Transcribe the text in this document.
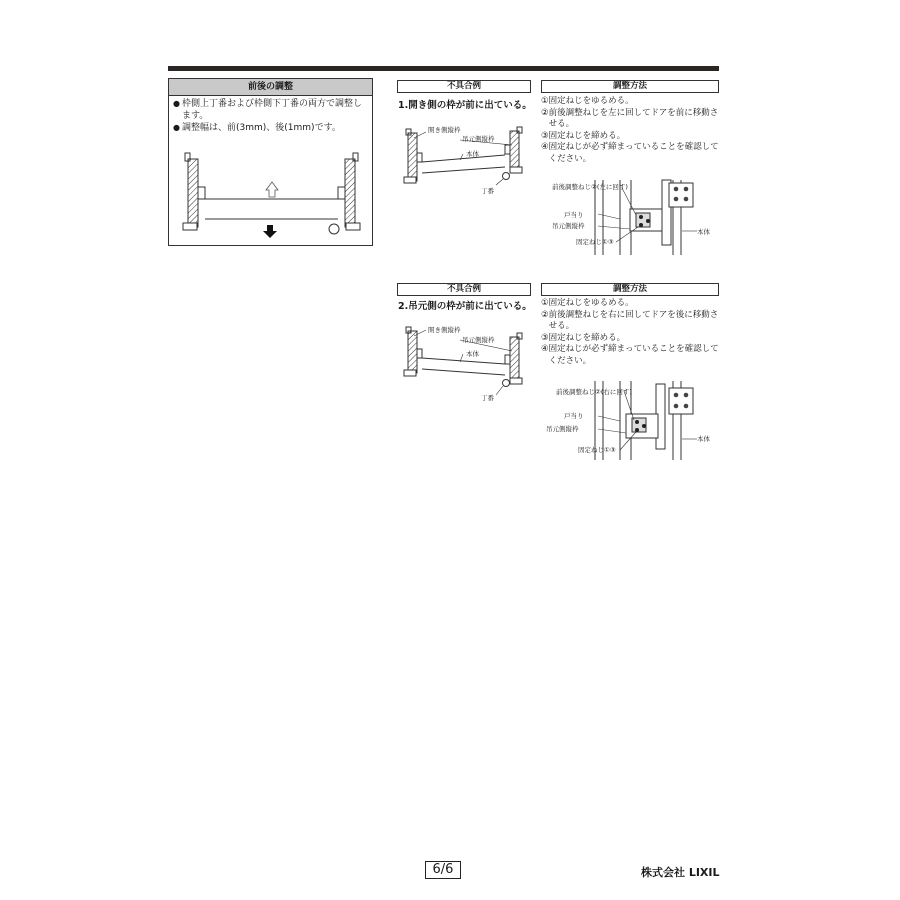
前後の調整
● 枠側上丁番および枠側下丁番の両方で調整します。
● 調整幅は、前(3mm)、後(1mm)です。
不具合例	調整方法
1.開き側の枠が前に出ている。 ① 固定ねじをゆるめる。
② 前後調整ねじを左に回してドアを前に移動させる。
③ 固定ねじを締める。
④ 固定ねじが必ず締まっていることを確認してください。
開き側縦枠
吊元側縦枠
本体
丁番	前後調整ねじ②(左に回す)
戸当り
吊元側縦枠
固定ねじ①③
本体
不具合例	調整方法
2.吊元側の枠が前に出ている。 ① 固定ねじをゆるめる。
② 前後調整ねじを右に回してドアを後に移動させる。
③ 固定ねじを締める。
④ 固定ねじが必ず締まっていることを確認してください。
開き側縦枠
吊元側縦枠
本体
丁番
前後調整ねじ②(右に回す)
戸当り
吊元側縦枠
固定ねじ①③
本体
6/6	株式会社 LIXIL
